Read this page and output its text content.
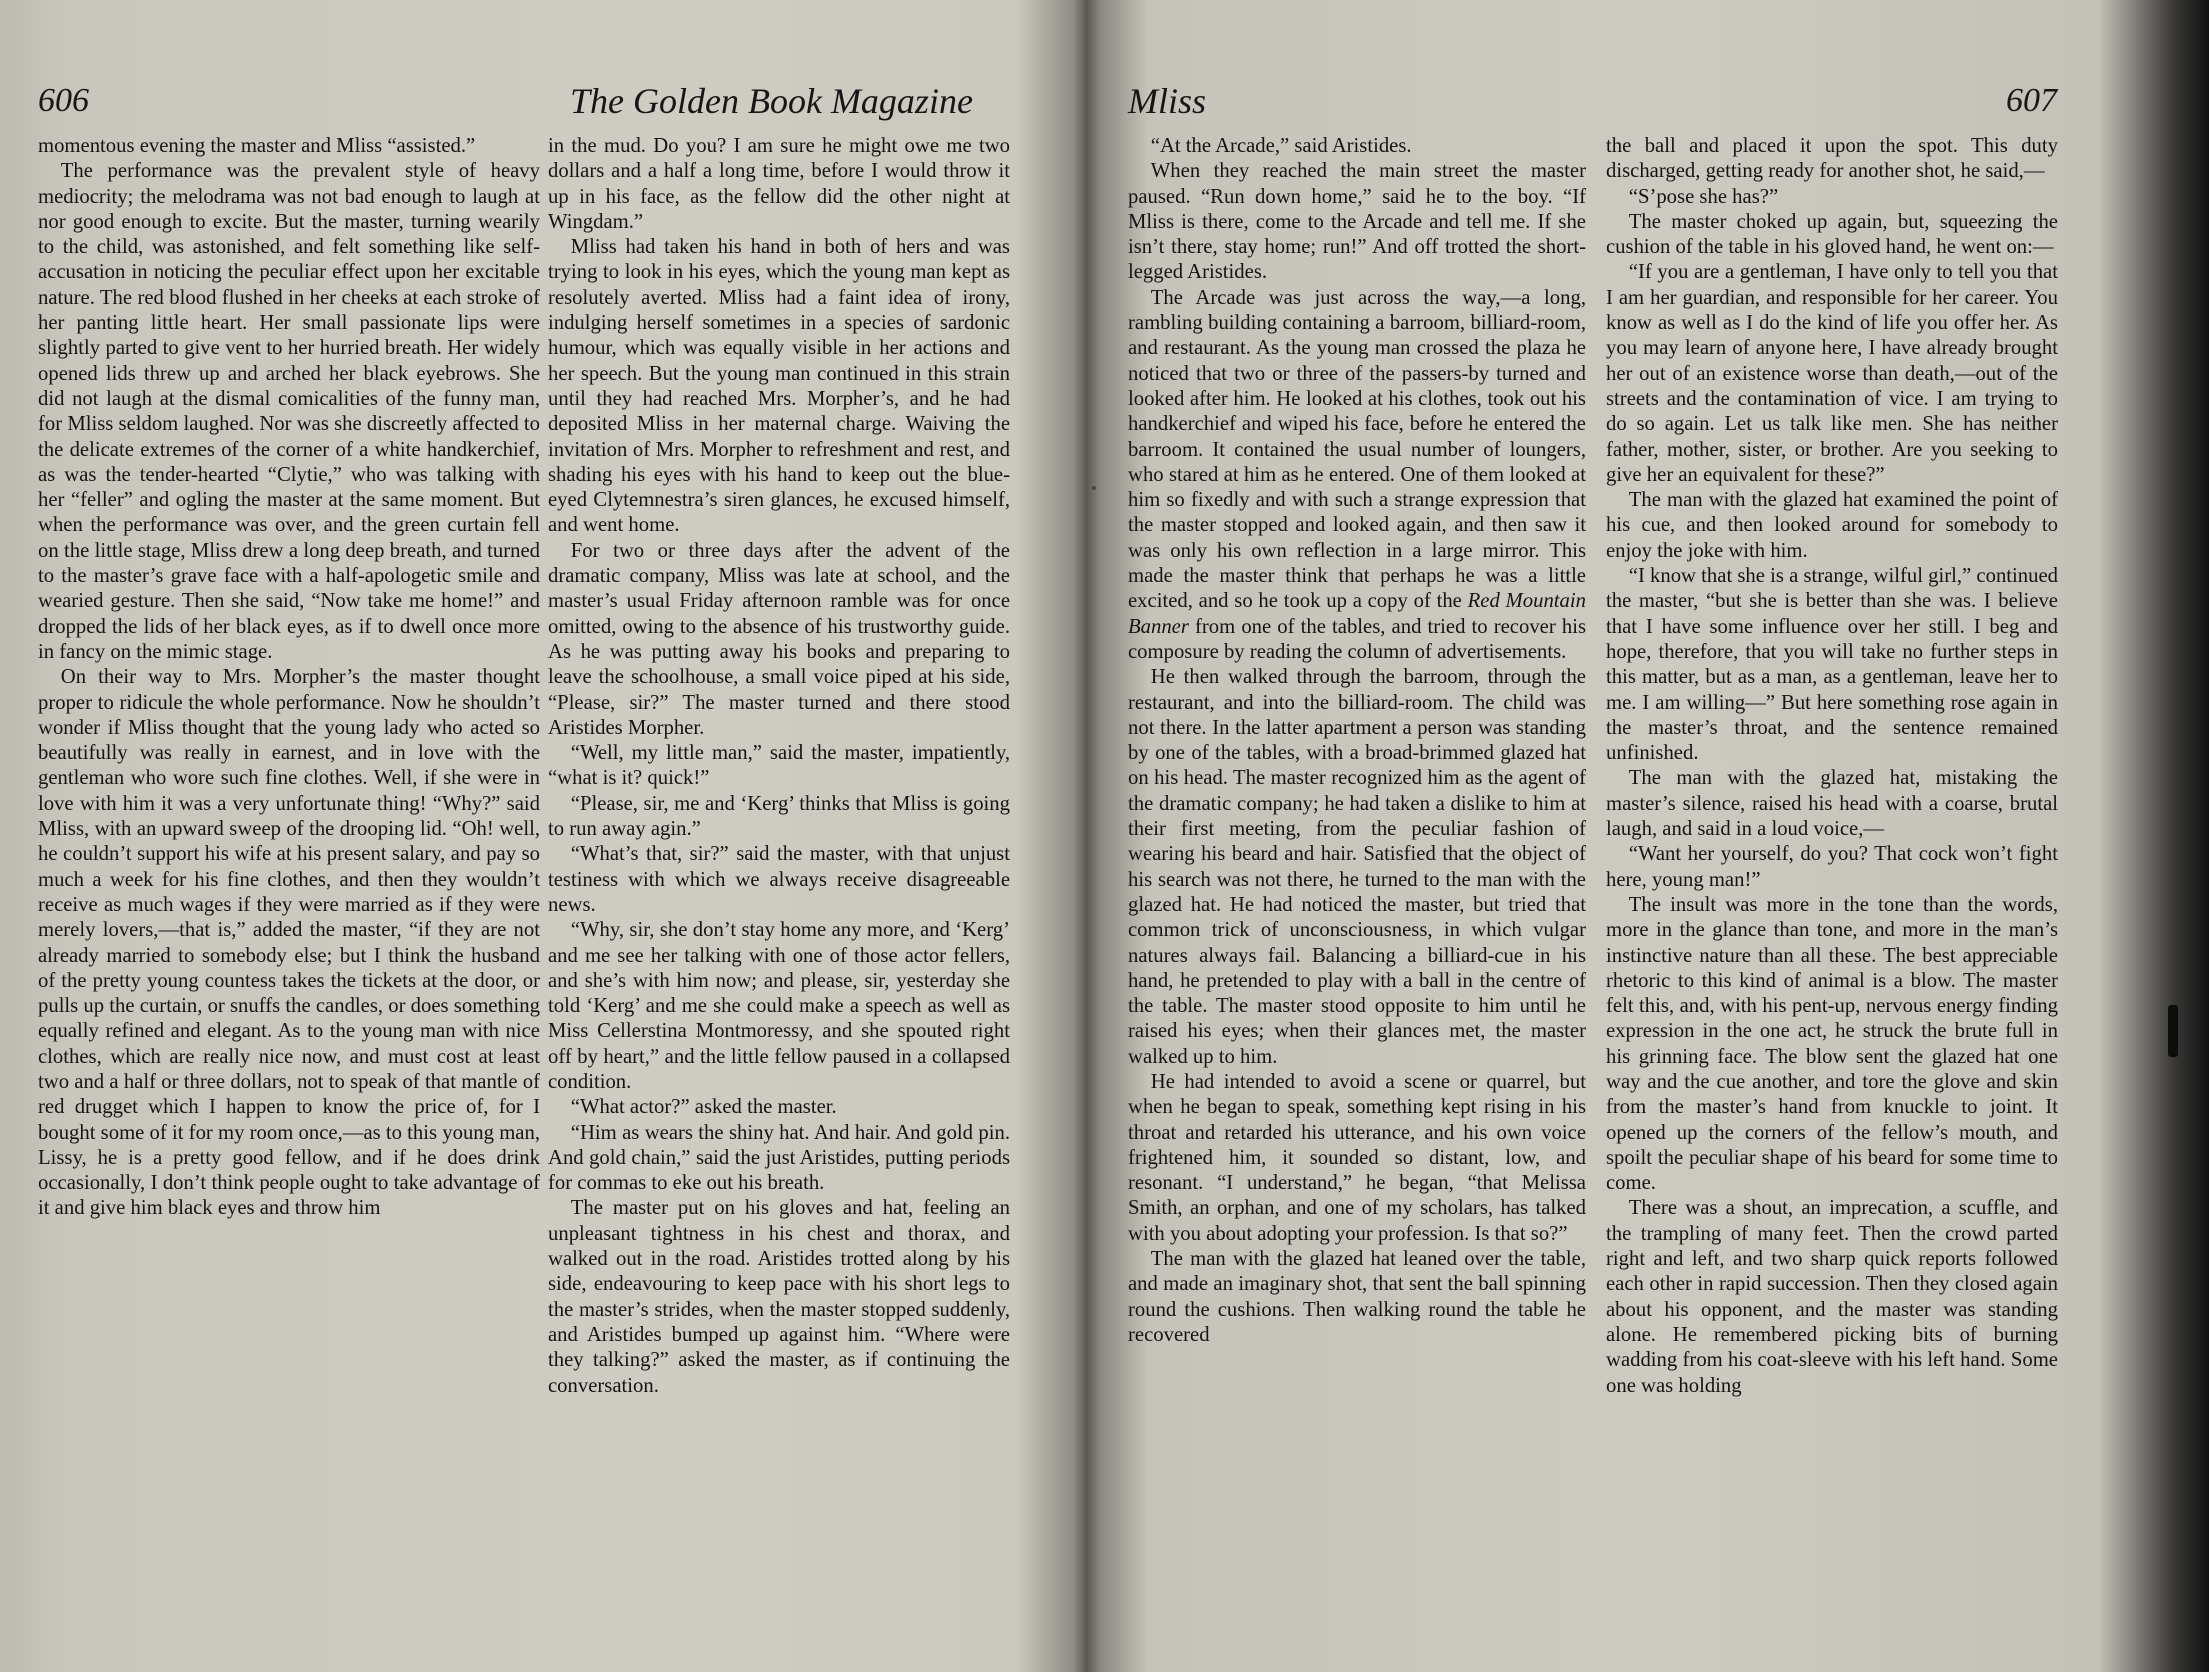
606	The Golden Book Magazine

momentous evening the master and Mliss “assisted.”

The performance was the prevalent style of heavy mediocrity; the melodrama was not bad enough to laugh at nor good enough to excite. But the master, turning wearily to the child, was astonished, and felt something like self-accusation in noticing the peculiar effect upon her excitable nature. The red blood flushed in her cheeks at each stroke of her panting little heart. Her small passionate lips were slightly parted to give vent to her hurried breath. Her widely opened lids threw up and arched her black eyebrows. She did not laugh at the dismal comicalities of the funny man, for Mliss seldom laughed. Nor was she discreetly affected to the delicate extremes of the corner of a white handkerchief, as was the tender-hearted “Clytie,” who was talking with her “feller” and ogling the master at the same moment. But when the performance was over, and the green curtain fell on the little stage, Mliss drew a long deep breath, and turned to the master’s grave face with a half-apologetic smile and wearied gesture. Then she said, “Now take me home!” and dropped the lids of her black eyes, as if to dwell once more in fancy on the mimic stage.

On their way to Mrs. Morpher’s the master thought proper to ridicule the whole performance. Now he shouldn’t wonder if Mliss thought that the young lady who acted so beautifully was really in earnest, and in love with the gentleman who wore such fine clothes. Well, if she were in love with him it was a very unfortunate thing! “Why?” said Mliss, with an upward sweep of the drooping lid. “Oh! well, he couldn’t support his wife at his present salary, and pay so much a week for his fine clothes, and then they wouldn’t receive as much wages if they were married as if they were merely lovers,—that is,” added the master, “if they are not already married to somebody else; but I think the husband of the pretty young countess takes the tickets at the door, or pulls up the curtain, or snuffs the candles, or does something equally refined and elegant. As to the young man with nice clothes, which are really nice now, and must cost at least two and a half or three dollars, not to speak of that mantle of red drugget which I happen to know the price of, for I bought some of it for my room once,—as to this young man, Lissy, he is a pretty good fellow, and if he does drink occasionally, I don’t think people ought to take advantage of it and give him black eyes and throw him

in the mud. Do you? I am sure he might owe me two dollars and a half a long time, before I would throw it up in his face, as the fellow did the other night at Wingdam.”

Mliss had taken his hand in both of hers and was trying to look in his eyes, which the young man kept as resolutely averted. Mliss had a faint idea of irony, indulging herself sometimes in a species of sardonic humour, which was equally visible in her actions and her speech. But the young man continued in this strain until they had reached Mrs. Morpher’s, and he had deposited Mliss in her maternal charge. Waiving the invitation of Mrs. Morpher to refreshment and rest, and shading his eyes with his hand to keep out the blue-eyed Clytemnestra’s siren glances, he excused himself, and went home.

For two or three days after the advent of the dramatic company, Mliss was late at school, and the master’s usual Friday afternoon ramble was for once omitted, owing to the absence of his trustworthy guide. As he was putting away his books and preparing to leave the schoolhouse, a small voice piped at his side, “Please, sir?” The master turned and there stood Aristides Morpher.

“Well, my little man,” said the master, impatiently, “what is it? quick!”

“Please, sir, me and ‘Kerg’ thinks that Mliss is going to run away agin.”

“What’s that, sir?” said the master, with that unjust testiness with which we always receive disagreeable news.

“Why, sir, she don’t stay home any more, and ‘Kerg’ and me see her talking with one of those actor fellers, and she’s with him now; and please, sir, yesterday she told ‘Kerg’ and me she could make a speech as well as Miss Cellerstina Montmoressy, and she spouted right off by heart,” and the little fellow paused in a collapsed condition.

“What actor?” asked the master.

“Him as wears the shiny hat. And hair. And gold pin. And gold chain,” said the just Aristides, putting periods for commas to eke out his breath.

The master put on his gloves and hat, feeling an unpleasant tightness in his chest and thorax, and walked out in the road. Aristides trotted along by his side, endeavouring to keep pace with his short legs to the master’s strides, when the master stopped suddenly, and Aristides bumped up against him. “Where were they talking?” asked the master, as if continuing the conversation.

Mliss	607

“At the Arcade,” said Aristides.

When they reached the main street the master paused. “Run down home,” said he to the boy. “If Mliss is there, come to the Arcade and tell me. If she isn’t there, stay home; run!” And off trotted the short-legged Aristides.

The Arcade was just across the way,—a long, rambling building containing a barroom, billiard-room, and restaurant. As the young man crossed the plaza he noticed that two or three of the passers-by turned and looked after him. He looked at his clothes, took out his handkerchief and wiped his face, before he entered the barroom. It contained the usual number of loungers, who stared at him as he entered. One of them looked at him so fixedly and with such a strange expression that the master stopped and looked again, and then saw it was only his own reflection in a large mirror. This made the master think that perhaps he was a little excited, and so he took up a copy of the Red Mountain Banner from one of the tables, and tried to recover his composure by reading the column of advertisements.

He then walked through the barroom, through the restaurant, and into the billiard-room. The child was not there. In the latter apartment a person was standing by one of the tables, with a broad-brimmed glazed hat on his head. The master recognized him as the agent of the dramatic company; he had taken a dislike to him at their first meeting, from the peculiar fashion of wearing his beard and hair. Satisfied that the object of his search was not there, he turned to the man with the glazed hat. He had noticed the master, but tried that common trick of unconsciousness, in which vulgar natures always fail. Balancing a billiard-cue in his hand, he pretended to play with a ball in the centre of the table. The master stood opposite to him until he raised his eyes; when their glances met, the master walked up to him.

He had intended to avoid a scene or quarrel, but when he began to speak, something kept rising in his throat and retarded his utterance, and his own voice frightened him, it sounded so distant, low, and resonant. “I understand,” he began, “that Melissa Smith, an orphan, and one of my scholars, has talked with you about adopting your profession. Is that so?”

The man with the glazed hat leaned over the table, and made an imaginary shot, that sent the ball spinning round the cushions. Then walking round the table he recovered

the ball and placed it upon the spot. This duty discharged, getting ready for another shot, he said,—

“S’pose she has?”

The master choked up again, but, squeezing the cushion of the table in his gloved hand, he went on:—

“If you are a gentleman, I have only to tell you that I am her guardian, and responsible for her career. You know as well as I do the kind of life you offer her. As you may learn of anyone here, I have already brought her out of an existence worse than death,—out of the streets and the contamination of vice. I am trying to do so again. Let us talk like men. She has neither father, mother, sister, or brother. Are you seeking to give her an equivalent for these?”

The man with the glazed hat examined the point of his cue, and then looked around for somebody to enjoy the joke with him.

“I know that she is a strange, wilful girl,” continued the master, “but she is better than she was. I believe that I have some influence over her still. I beg and hope, therefore, that you will take no further steps in this matter, but as a man, as a gentleman, leave her to me. I am willing—” But here something rose again in the master’s throat, and the sentence remained unfinished.

The man with the glazed hat, mistaking the master’s silence, raised his head with a coarse, brutal laugh, and said in a loud voice,—

“Want her yourself, do you? That cock won’t fight here, young man!”

The insult was more in the tone than the words, more in the glance than tone, and more in the man’s instinctive nature than all these. The best appreciable rhetoric to this kind of animal is a blow. The master felt this, and, with his pent-up, nervous energy finding expression in the one act, he struck the brute full in his grinning face. The blow sent the glazed hat one way and the cue another, and tore the glove and skin from the master’s hand from knuckle to joint. It opened up the corners of the fellow’s mouth, and spoilt the peculiar shape of his beard for some time to come.

There was a shout, an imprecation, a scuffle, and the trampling of many feet. Then the crowd parted right and left, and two sharp quick reports followed each other in rapid succession. Then they closed again about his opponent, and the master was standing alone. He remembered picking bits of burning wadding from his coat-sleeve with his left hand. Some one was holding
